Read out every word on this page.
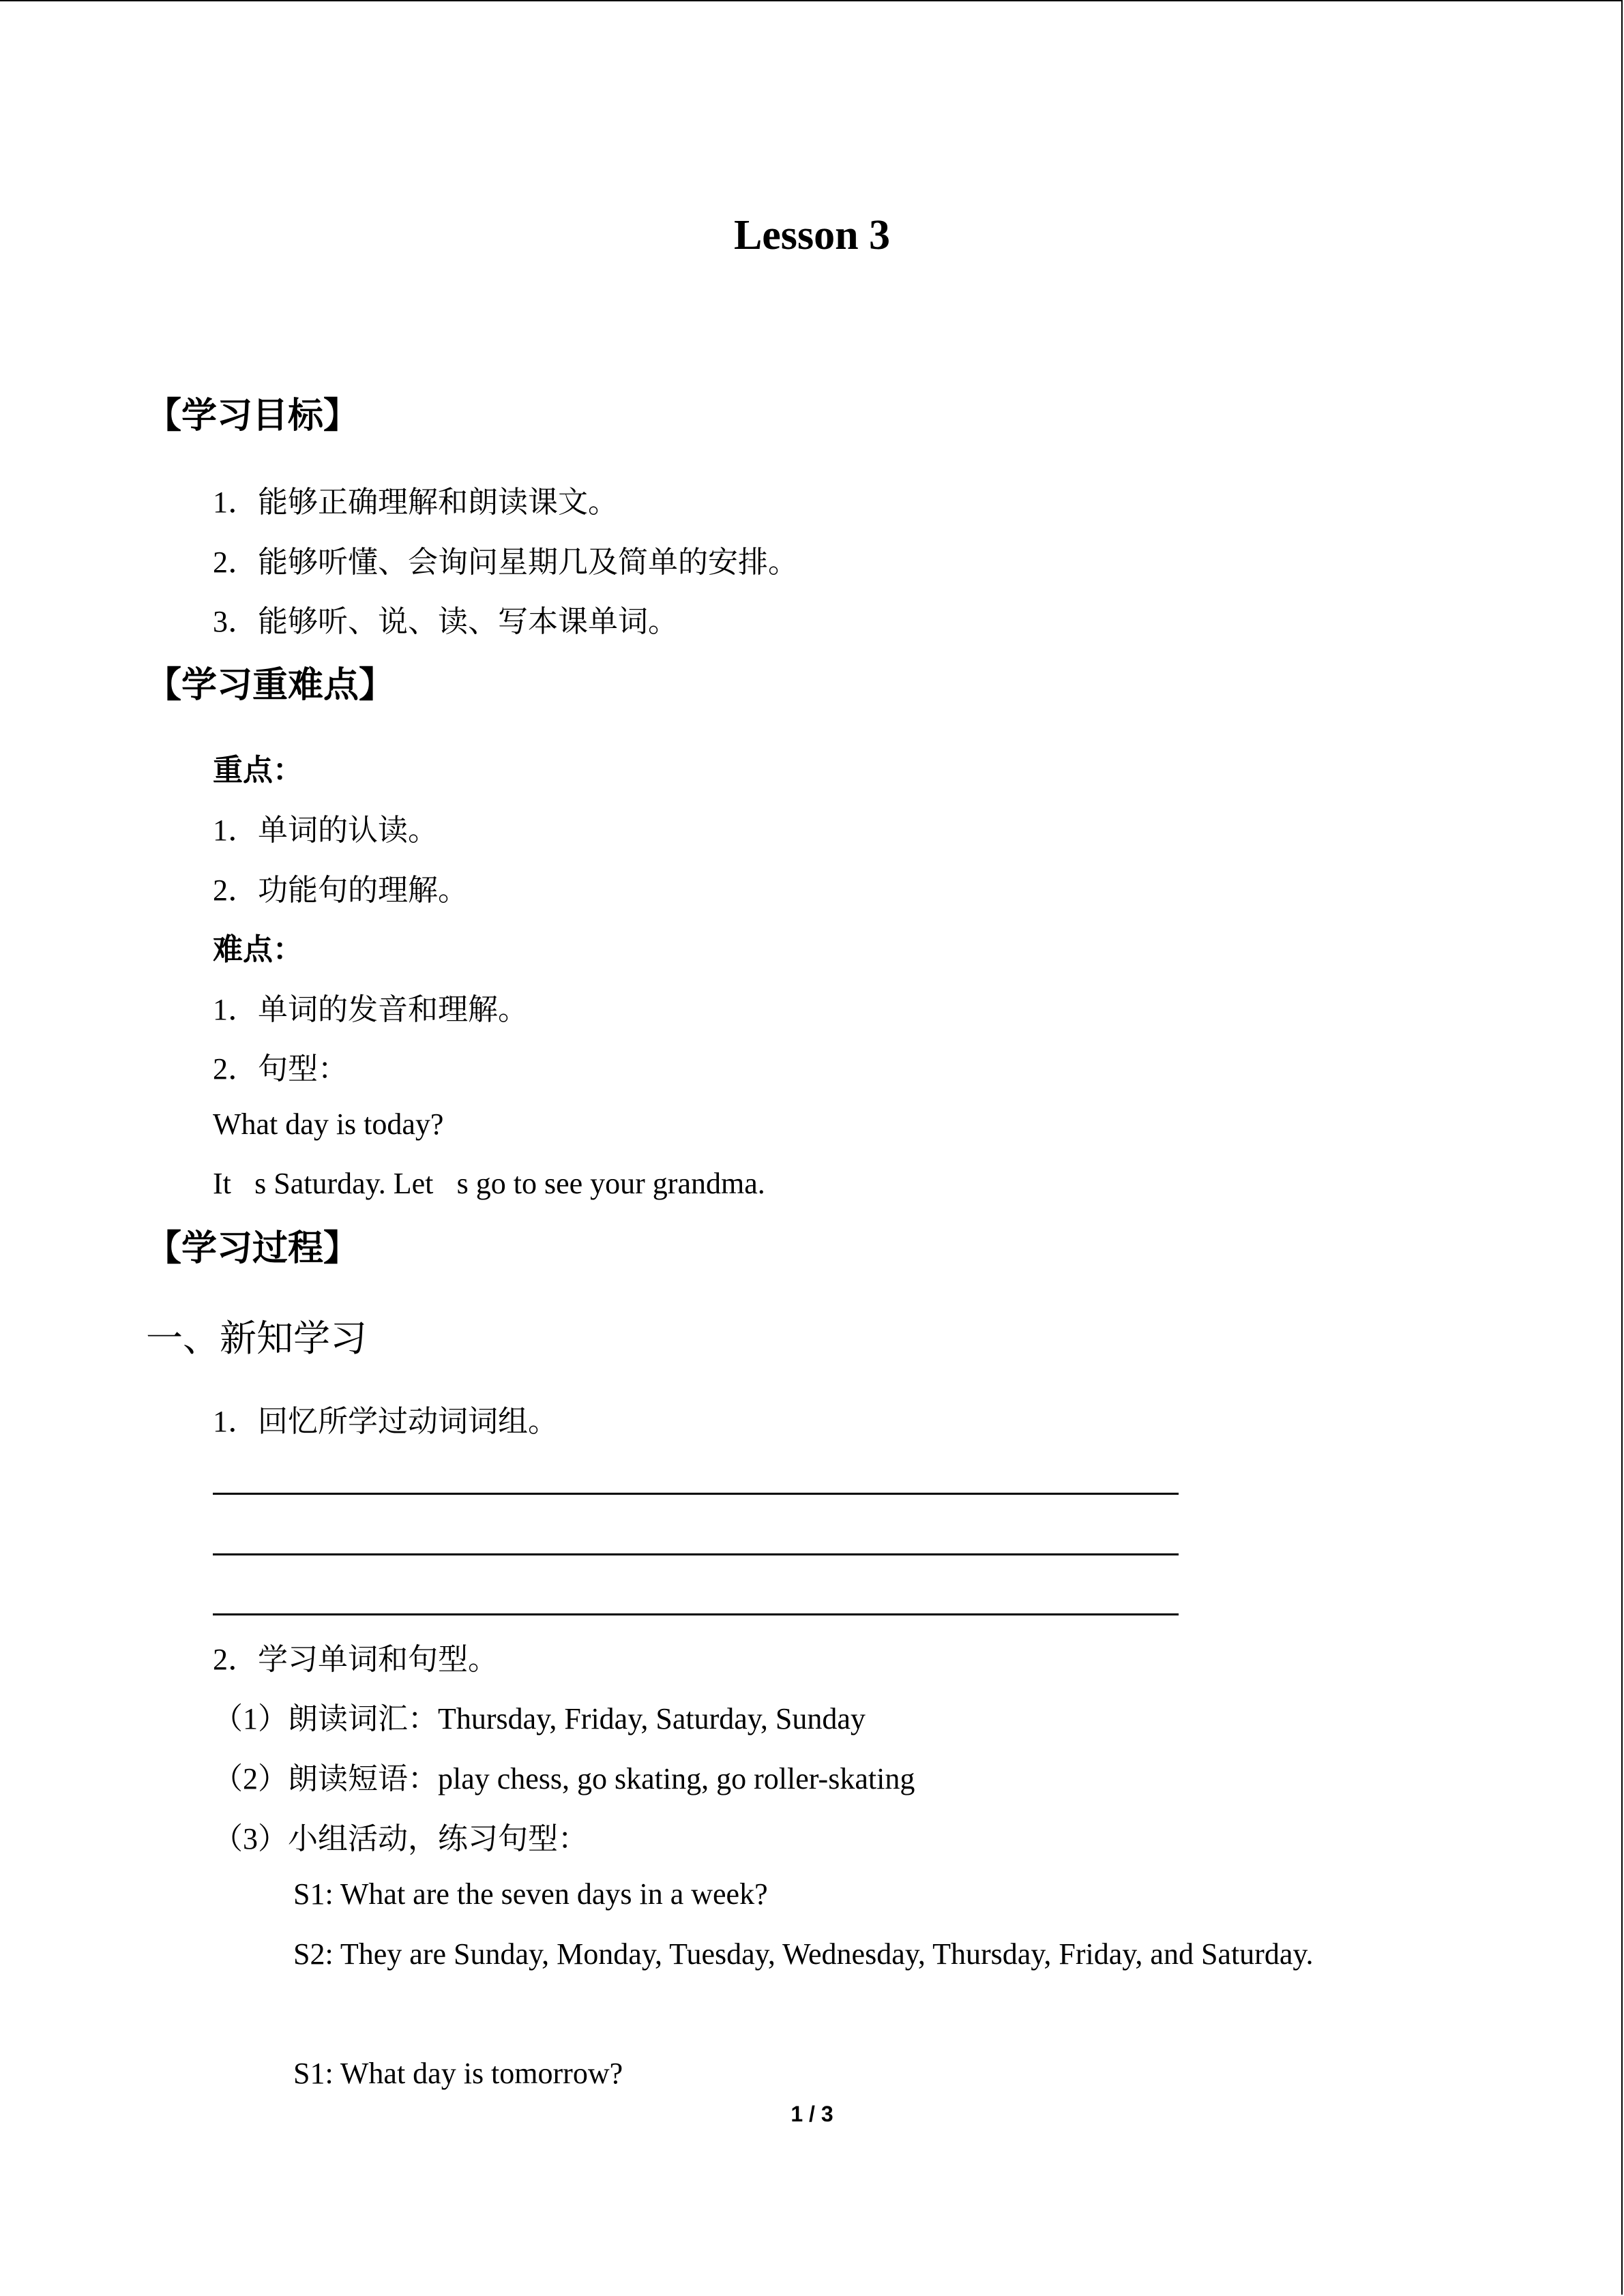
Lesson 3
【学习目标】
1．能够正确理解和朗读课文。
2．能够听懂、会询问星期几及简单的安排。
3．能够听、说、读、写本课单词。
【学习重难点】
重点：
1．单词的认读。
2．功能句的理解。
难点：
1．单词的发音和理解。
2．句型：
What day is today?
It s Saturday. Let s go to see your grandma.
【学习过程】
一、新知学习
1．回忆所学过动词词组。
2．学习单词和句型。
（1）朗读词汇：Thursday, Friday, Saturday, Sunday
（2）朗读短语：play chess, go skating, go roller-skating
（3）小组活动，练习句型：
S1: What are the seven days in a week?
S2: They are Sunday, Monday, Tuesday, Wednesday, Thursday, Friday, and Saturday.
S1: What day is tomorrow?
1 / 3
